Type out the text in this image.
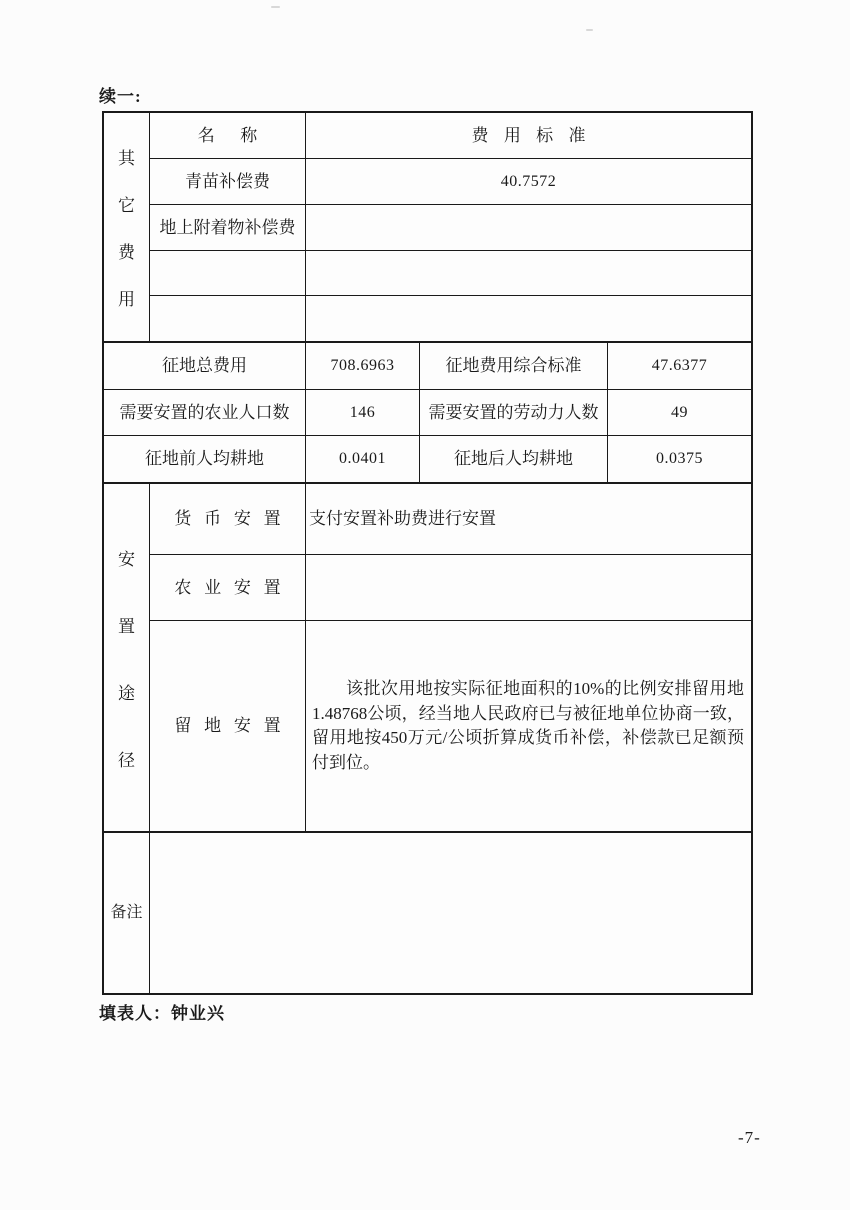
续一:
其
它
费
用
名称	费用标准
青苗补偿费	40.7572
地上附着物补偿费
征地总费用	708.6963	征地费用综合标准	47.6377
需要安置的农业人口数	146	需要安置的劳动力人数	49
征地前人均耕地	0.0401	征地后人均耕地	0.0375
安
置
途
径
货币安置 支付安置补助费进行安置
农业安置
留地安置

该批次用地按实际征地面积的10%的比例安排留用地1.48768公顷，经当地人民政府已与被征地单位协商一致，留用地按450万元/公顷折算成货币补偿，补偿款已足额预付到位。

备注
填表人：钟业兴
-7-
